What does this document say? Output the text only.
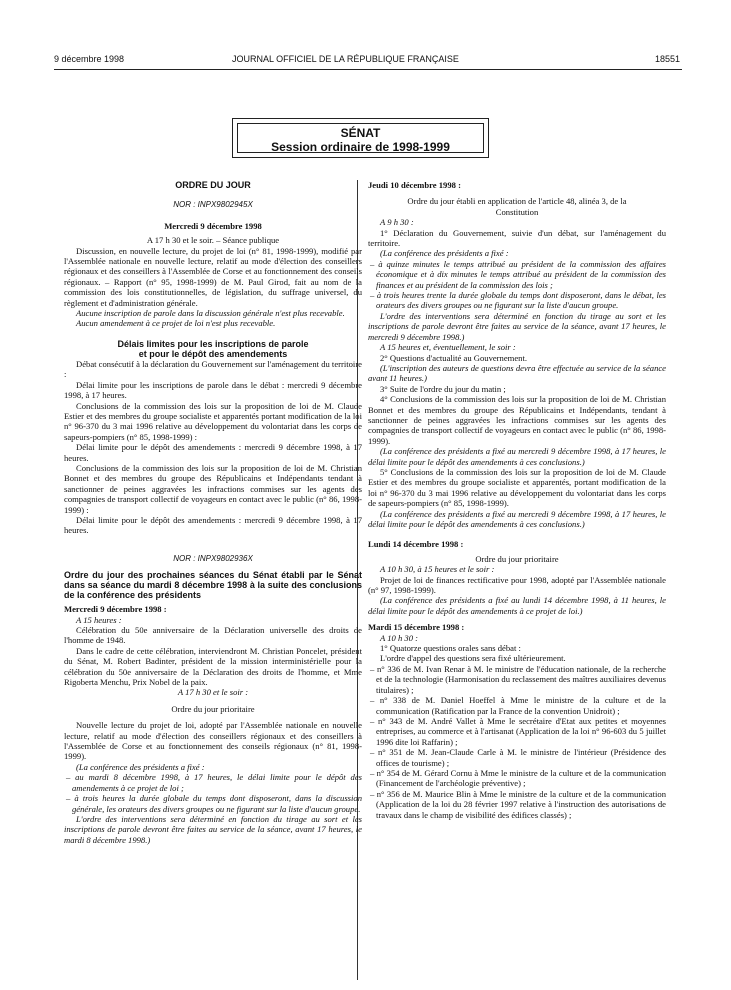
9 décembre 1998	JOURNAL OFFICIEL DE LA RÉPUBLIQUE FRANÇAISE	18551
SÉNAT
Session ordinaire de 1998-1999

ORDRE DU JOUR

NOR : INPX9802945X

Mercredi 9 décembre 1998

A 17 h 30 et le soir. – Séance publique

Discussion, en nouvelle lecture, du projet de loi (n° 81, 1998-1999), modifié par l'Assemblée nationale en nouvelle lecture, relatif au mode d'élection des conseillers régionaux et des conseillers à l'Assemblée de Corse et au fonctionnement des conseils régionaux. – Rapport (n° 95, 1998-1999) de M. Paul Girod, fait au nom de la commission des lois constitutionnelles, de législation, du suffrage universel, du règlement et d'administration générale.

Aucune inscription de parole dans la discussion générale n'est plus recevable.

Aucun amendement à ce projet de loi n'est plus recevable.

Délais limites pour les inscriptions de parole

et pour le dépôt des amendements

Débat consécutif à la déclaration du Gouvernement sur l'aménagement du territoire :

Délai limite pour les inscriptions de parole dans le débat : mercredi 9 décembre 1998, à 17 heures.

Conclusions de la commission des lois sur la proposition de loi de M. Claude Estier et des membres du groupe socialiste et apparentés portant modification de la loi n° 96-370 du 3 mai 1996 relative au développement du volontariat dans les corps de sapeurs-pompiers (n° 85, 1998-1999) :

Délai limite pour le dépôt des amendements : mercredi 9 décembre 1998, à 17 heures.

Conclusions de la commission des lois sur la proposition de loi de M. Christian Bonnet et des membres du groupe des Républicains et Indépendants tendant à sanctionner de peines aggravées les infractions commises sur les agents des compagnies de transport collectif de voyageurs en contact avec le public (n° 86, 1998-1999) :

Délai limite pour le dépôt des amendements : mercredi 9 décembre 1998, à 17 heures.

NOR : INPX9802936X

Ordre du jour des prochaines séances du Sénat établi par le Sénat dans sa séance du mardi 8 décembre 1998 à la suite des conclusions de la conférence des présidents

Mercredi 9 décembre 1998 :

A 15 heures :

Célébration du 50e anniversaire de la Déclaration universelle des droits de l'homme de 1948.

Dans le cadre de cette célébration, interviendront M. Christian Poncelet, président du Sénat, M. Robert Badinter, président de la mission interministérielle pour la célébration du 50e anniversaire de la Déclaration des droits de l'homme, et Mme Rigoberta Menchu, Prix Nobel de la paix.

A 17 h 30 et le soir :

Ordre du jour prioritaire

Nouvelle lecture du projet de loi, adopté par l'Assemblée nationale en nouvelle lecture, relatif au mode d'élection des conseillers régionaux et des conseillers à l'Assemblée de Corse et au fonctionnement des conseils régionaux (n° 81, 1998-1999).

(La conférence des présidents a fixé :

– au mardi 8 décembre 1998, à 17 heures, le délai limite pour le dépôt des amendements à ce projet de loi ;

– à trois heures la durée globale du temps dont disposeront, dans la discussion générale, les orateurs des divers groupes ou ne figurant sur la liste d'aucun groupe.

L'ordre des interventions sera déterminé en fonction du tirage au sort et les inscriptions de parole devront être faites au service de la séance, avant 17 heures, le mardi 8 décembre 1998.)

Jeudi 10 décembre 1998 :

Ordre du jour établi en application de l'article 48, alinéa 3, de la Constitution

A 9 h 30 :

1° Déclaration du Gouvernement, suivie d'un débat, sur l'aménagement du territoire.

(La conférence des présidents a fixé :

– à quinze minutes le temps attribué au président de la commission des affaires économique et à dix minutes le temps attribué au président de la commission des finances et au président de la commission des lois ;

– à trois heures trente la durée globale du temps dont disposeront, dans le débat, les orateurs des divers groupes ou ne figurant sur la liste d'aucun groupe.

L'ordre des interventions sera déterminé en fonction du tirage au sort et les inscriptions de parole devront être faites au service de la séance, avant 17 heures, le mercredi 9 décembre 1998.)

A 15 heures et, éventuellement, le soir :

2° Questions d'actualité au Gouvernement.

(L'inscription des auteurs de questions devra être effectuée au service de la séance avant 11 heures.)

3° Suite de l'ordre du jour du matin ;

4° Conclusions de la commission des lois sur la proposition de loi de M. Christian Bonnet et des membres du groupe des Républicains et Indépendants, tendant à sanctionner de peines aggravées les infractions commises sur les agents des compagnies de transport collectif de voyageurs en contact avec le public (n° 86, 1998-1999).

(La conférence des présidents a fixé au mercredi 9 décembre 1998, à 17 heures, le délai limite pour le dépôt des amendements à ces conclusions.)

5° Conclusions de la commission des lois sur la proposition de loi de M. Claude Estier et des membres du groupe socialiste et apparentés, portant modification de la loi n° 96-370 du 3 mai 1996 relative au développement du volontariat dans les corps de sapeurs-pompiers (n° 85, 1998-1999).

(La conférence des présidents a fixé au mercredi 9 décembre 1998, à 17 heures, le délai limite pour le dépôt des amendements à ces conclusions.)

Lundi 14 décembre 1998 :

Ordre du jour prioritaire

A 10 h 30, à 15 heures et le soir :

Projet de loi de finances rectificative pour 1998, adopté par l'Assemblée nationale (n° 97, 1998-1999).

(La conférence des présidents a fixé au lundi 14 décembre 1998, à 11 heures, le délai limite pour le dépôt des amendements à ce projet de loi.)

Mardi 15 décembre 1998 :

A 10 h 30 :

1° Quatorze questions orales sans débat :

L'ordre d'appel des questions sera fixé ultérieurement.

– n° 336 de M. Ivan Renar à M. le ministre de l'éducation nationale, de la recherche et de la technologie (Harmonisation du reclassement des maîtres auxiliaires devenus titulaires) ;

– n° 338 de M. Daniel Hoeffel à Mme le ministre de la culture et de la communication (Ratification par la France de la convention Unidroit) ;

– n° 343 de M. André Vallet à Mme le secrétaire d'Etat aux petites et moyennes entreprises, au commerce et à l'artisanat (Application de la loi n° 96-603 du 5 juillet 1996 dite loi Raffarin) ;

– n° 351 de M. Jean-Claude Carle à M. le ministre de l'intérieur (Présidence des offices de tourisme) ;

– n° 354 de M. Gérard Cornu à Mme le ministre de la culture et de la communication (Financement de l'archéologie préventive) ;

– n° 356 de M. Maurice Blin à Mme le ministre de la culture et de la communication (Application de la loi du 28 février 1997 relative à l'instruction des autorisations de travaux dans le champ de visibilité des édifices classés) ;
